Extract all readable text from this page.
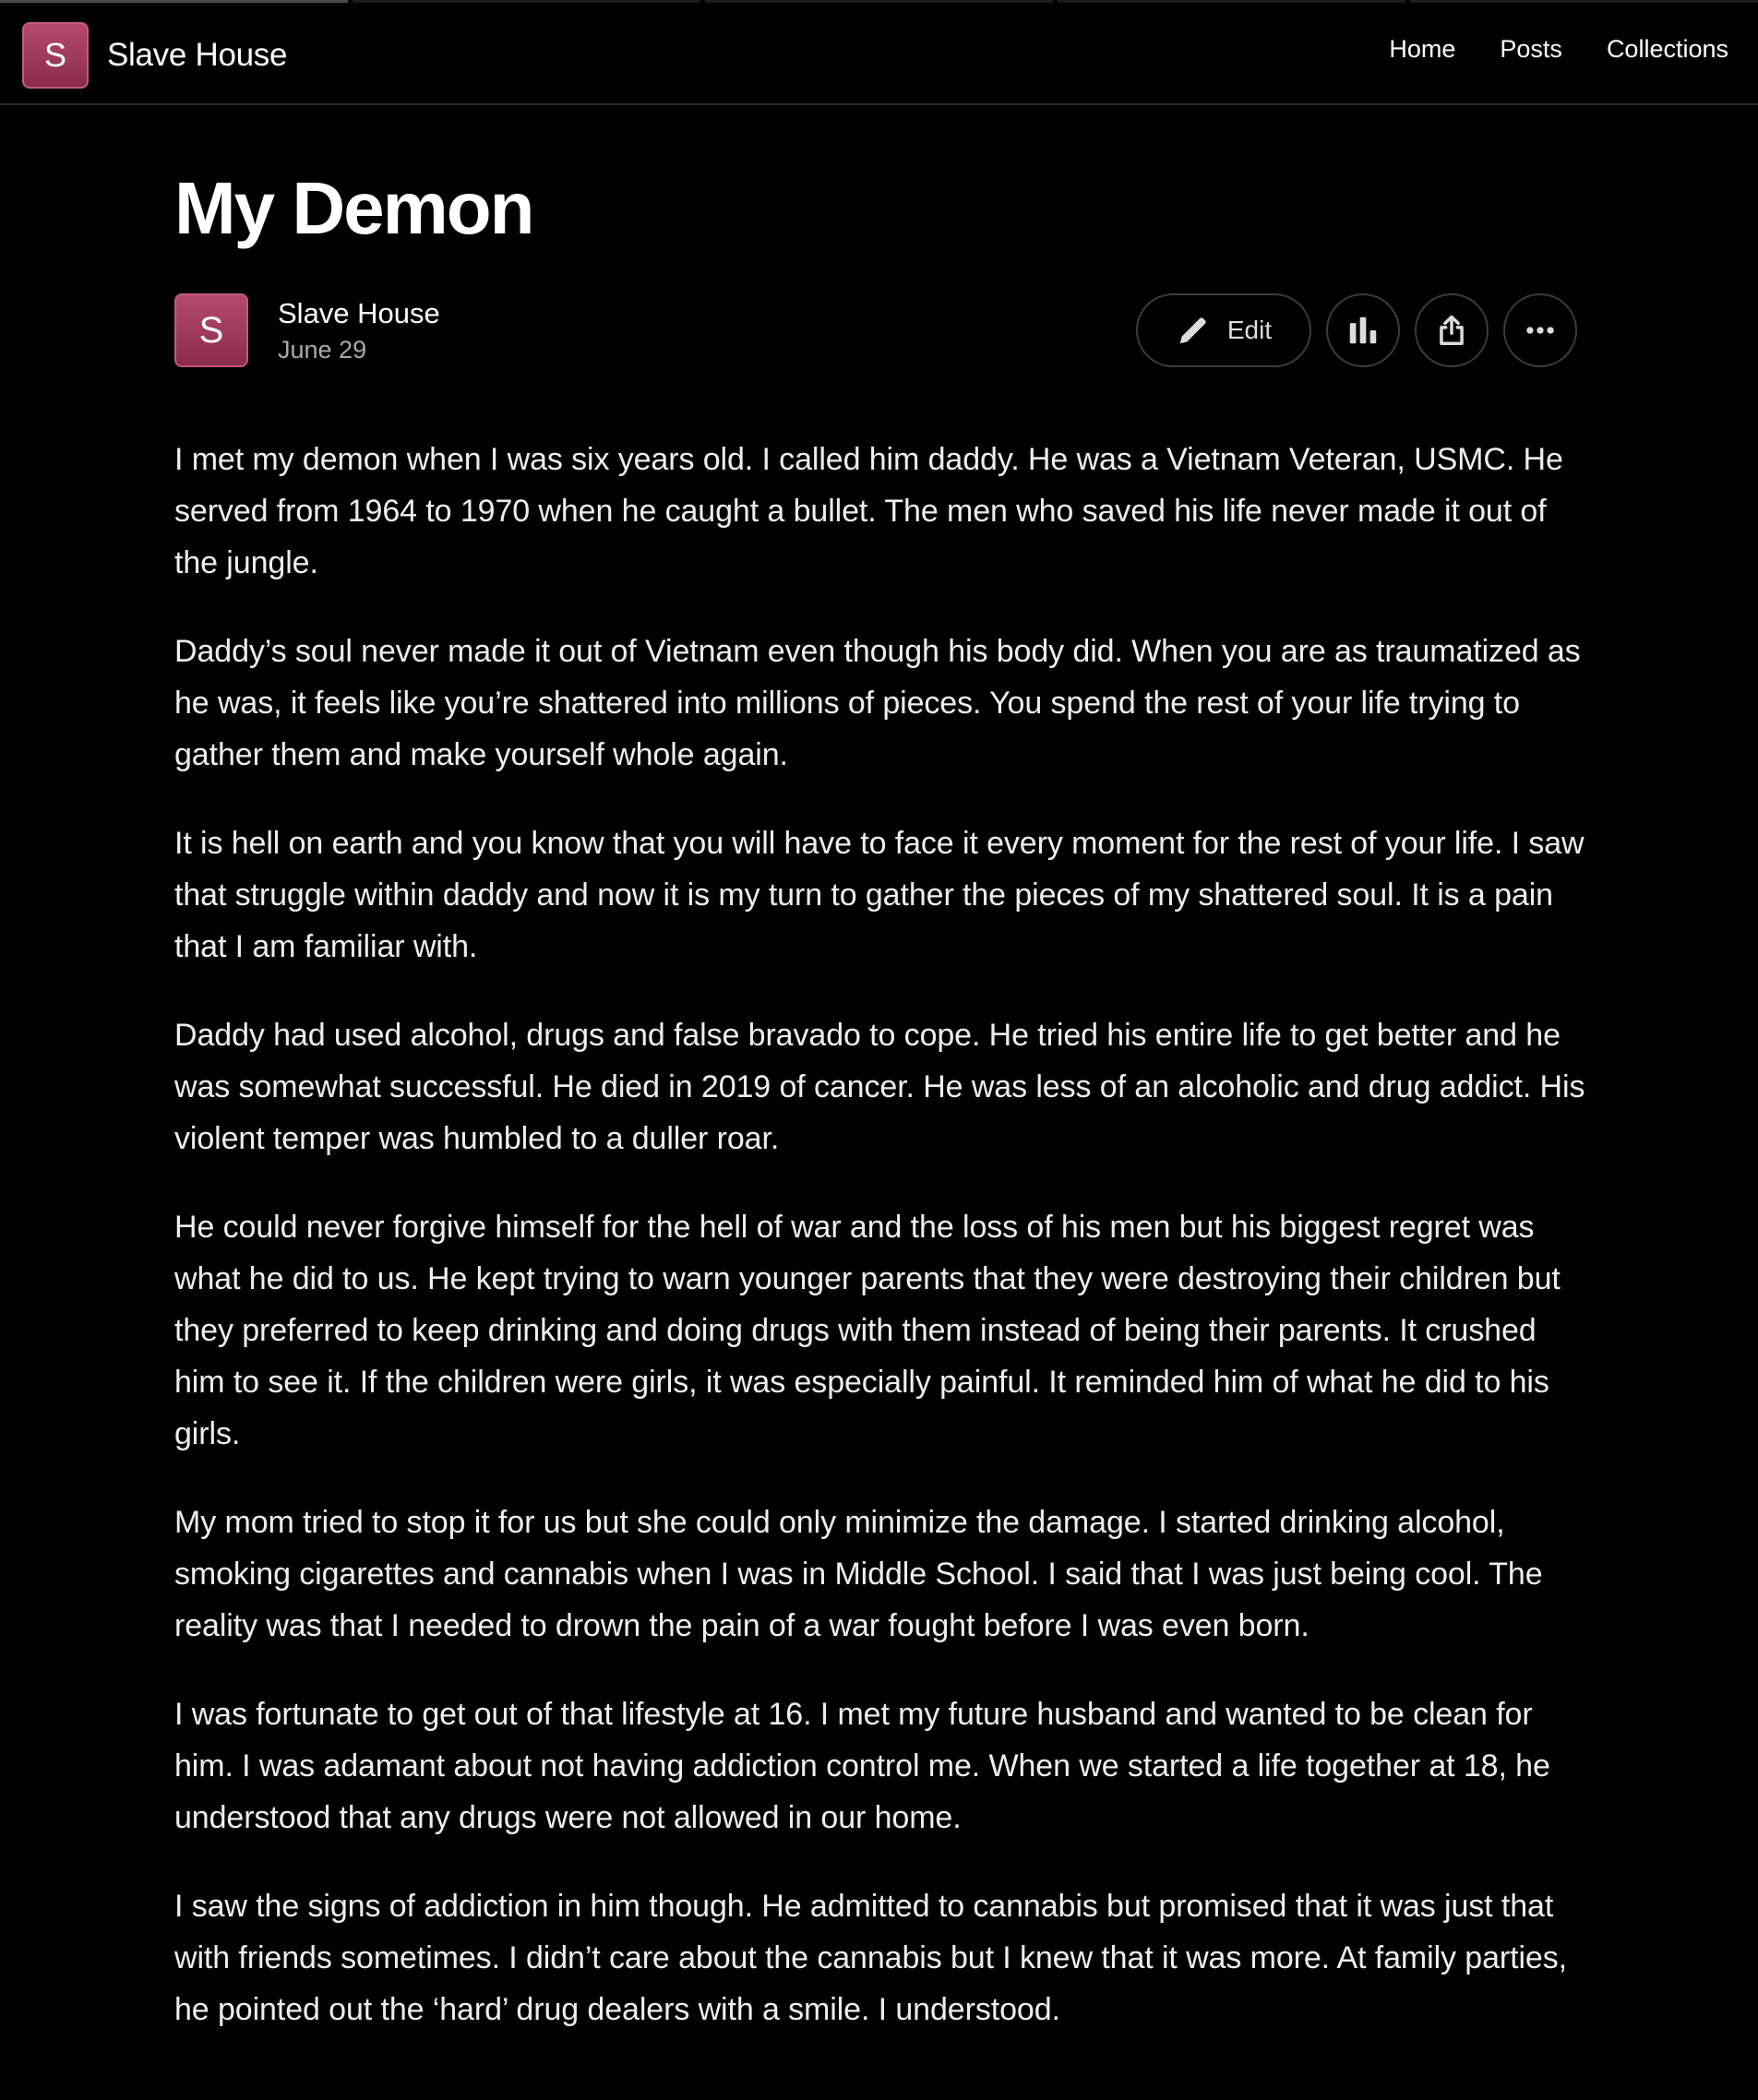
S Slave House	Home Posts Collections
My Demon
S Slave House
June 29
Edit

I met my demon when I was six years old. I called him daddy. He was a Vietnam Veteran, USMC. He served from 1964 to 1970 when he caught a bullet. The men who saved his life never made it out of the jungle.

Daddy’s soul never made it out of Vietnam even though his body did. When you are as traumatized as he was, it feels like you’re shattered into millions of pieces. You spend the rest of your life trying to gather them and make yourself whole again.

It is hell on earth and you know that you will have to face it every moment for the rest of your life. I saw that struggle within daddy and now it is my turn to gather the pieces of my shattered soul. It is a pain that I am familiar with.

Daddy had used alcohol, drugs and false bravado to cope. He tried his entire life to get better and he was somewhat successful. He died in 2019 of cancer. He was less of an alcoholic and drug addict. His violent temper was humbled to a duller roar.

He could never forgive himself for the hell of war and the loss of his men but his biggest regret was what he did to us. He kept trying to warn younger parents that they were destroying their children but they preferred to keep drinking and doing drugs with them instead of being their parents. It crushed him to see it. If the children were girls, it was especially painful. It reminded him of what he did to his girls.

My mom tried to stop it for us but she could only minimize the damage. I started drinking alcohol, smoking cigarettes and cannabis when I was in Middle School. I said that I was just being cool. The reality was that I needed to drown the pain of a war fought before I was even born.

I was fortunate to get out of that lifestyle at 16. I met my future husband and wanted to be clean for him. I was adamant about not having addiction control me. When we started a life together at 18, he understood that any drugs were not allowed in our home.

I saw the signs of addiction in him though. He admitted to cannabis but promised that it was just that with friends sometimes. I didn’t care about the cannabis but I knew that it was more. At family parties, he pointed out the ‘hard’ drug dealers with a smile. I understood.
